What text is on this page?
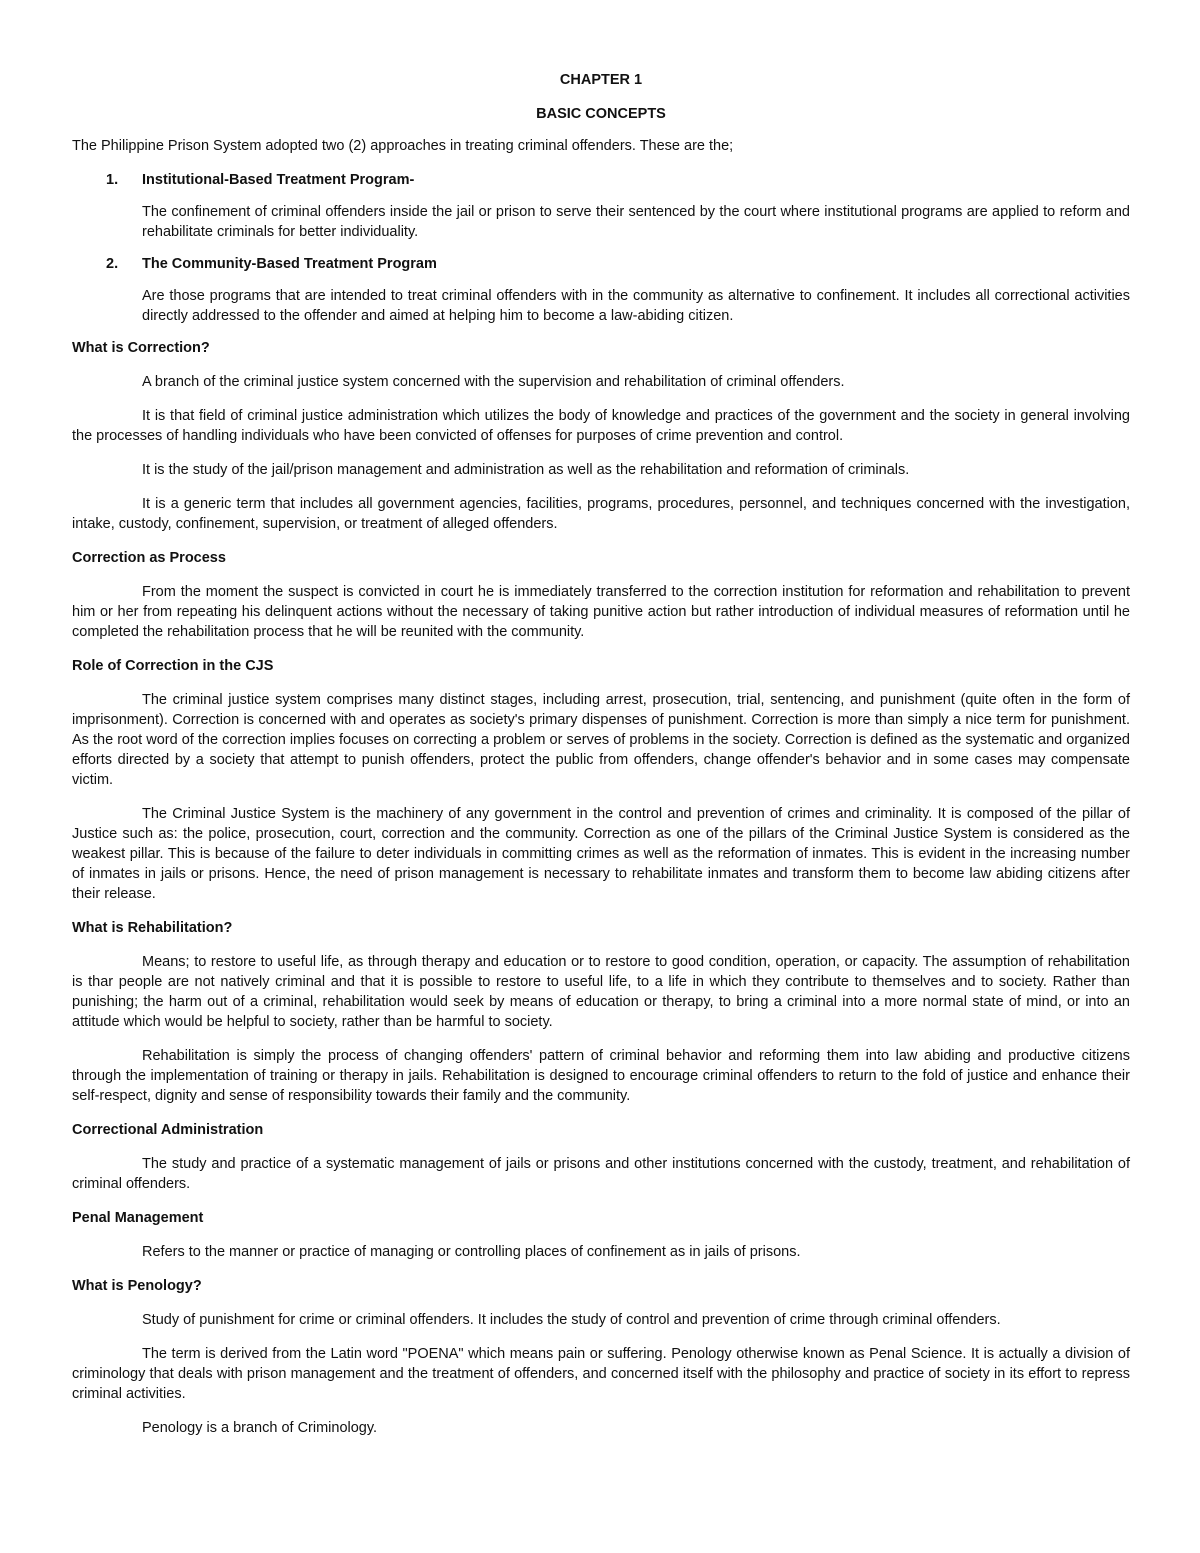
CHAPTER 1
BASIC CONCEPTS

The Philippine Prison System adopted two (2) approaches in treating criminal offenders. These are the;

1. Institutional-Based Treatment Program-
The confinement of criminal offenders inside the jail or prison to serve their sentenced by the court where institutional programs are applied to reform and rehabilitate criminals for better individuality.
2. The Community-Based Treatment Program
Are those programs that are intended to treat criminal offenders with in the community as alternative to confinement. It includes all correctional activities directly addressed to the offender and aimed at helping him to become a law-abiding citizen.
What is Correction?

A branch of the criminal justice system concerned with the supervision and rehabilitation of criminal offenders.

It is that field of criminal justice administration which utilizes the body of knowledge and practices of the government and the society in general involving the processes of handling individuals who have been convicted of offenses for purposes of crime prevention and control.

It is the study of the jail/prison management and administration as well as the rehabilitation and reformation of criminals.

It is a generic term that includes all government agencies, facilities, programs, procedures, personnel, and techniques concerned with the investigation, intake, custody, confinement, supervision, or treatment of alleged offenders.

Correction as Process

From the moment the suspect is convicted in court he is immediately transferred to the correction institution for reformation and rehabilitation to prevent him or her from repeating his delinquent actions without the necessary of taking punitive action but rather introduction of individual measures of reformation until he completed the rehabilitation process that he will be reunited with the community.

Role of Correction in the CJS

The criminal justice system comprises many distinct stages, including arrest, prosecution, trial, sentencing, and punishment (quite often in the form of imprisonment). Correction is concerned with and operates as society's primary dispenses of punishment. Correction is more than simply a nice term for punishment. As the root word of the correction implies focuses on correcting a problem or serves of problems in the society. Correction is defined as the systematic and organized efforts directed by a society that attempt to punish offenders, protect the public from offenders, change offender's behavior and in some cases may compensate victim.

The Criminal Justice System is the machinery of any government in the control and prevention of crimes and criminality. It is composed of the pillar of Justice such as: the police, prosecution, court, correction and the community. Correction as one of the pillars of the Criminal Justice System is considered as the weakest pillar. This is because of the failure to deter individuals in committing crimes as well as the reformation of inmates. This is evident in the increasing number of inmates in jails or prisons. Hence, the need of prison management is necessary to rehabilitate inmates and transform them to become law abiding citizens after their release.

What is Rehabilitation?

Means; to restore to useful life, as through therapy and education or to restore to good condition, operation, or capacity. The assumption of rehabilitation is thar people are not natively criminal and that it is possible to restore to useful life, to a life in which they contribute to themselves and to society. Rather than punishing; the harm out of a criminal, rehabilitation would seek by means of education or therapy, to bring a criminal into a more normal state of mind, or into an attitude which would be helpful to society, rather than be harmful to society.

Rehabilitation is simply the process of changing offenders' pattern of criminal behavior and reforming them into law abiding and productive citizens through the implementation of training or therapy in jails. Rehabilitation is designed to encourage criminal offenders to return to the fold of justice and enhance their self-respect, dignity and sense of responsibility towards their family and the community.

Correctional Administration

The study and practice of a systematic management of jails or prisons and other institutions concerned with the custody, treatment, and rehabilitation of criminal offenders.

Penal Management

Refers to the manner or practice of managing or controlling places of confinement as in jails of prisons.

What is Penology?

Study of punishment for crime or criminal offenders. It includes the study of control and prevention of crime through criminal offenders.

The term is derived from the Latin word "POENA" which means pain or suffering. Penology otherwise known as Penal Science. It is actually a division of criminology that deals with prison management and the treatment of offenders, and concerned itself with the philosophy and practice of society in its effort to repress criminal activities.

Penology is a branch of Criminology.
